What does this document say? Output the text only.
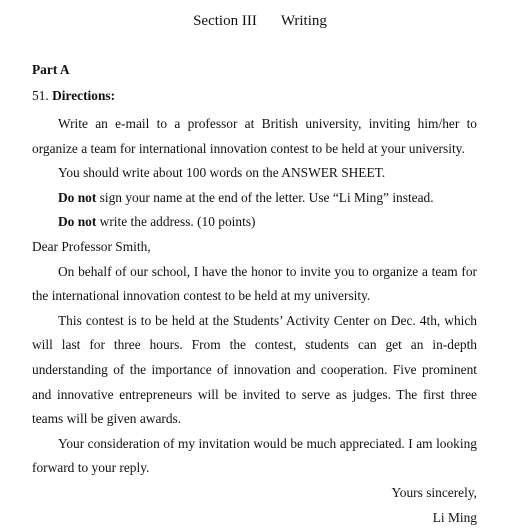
Section III Writing
Part A
51. Directions:

Write an e-mail to a professor at British university, inviting him/her to organize a team for international innovation contest to be held at your university.

You should write about 100 words on the ANSWER SHEET.

Do not sign your name at the end of the letter. Use “Li Ming” instead.

Do not write the address. (10 points)

Dear Professor Smith,

On behalf of our school, I have the honor to invite you to organize a team for the international innovation contest to be held at my university.

This contest is to be held at the Students’ Activity Center on Dec. 4th, which will last for three hours. From the contest, students can get an in-depth understanding of the importance of innovation and cooperation. Five prominent and innovative entrepreneurs will be invited to serve as judges. The first three teams will be given awards.

Your consideration of my invitation would be much appreciated. I am looking forward to your reply.

Yours sincerely,

Li Ming
